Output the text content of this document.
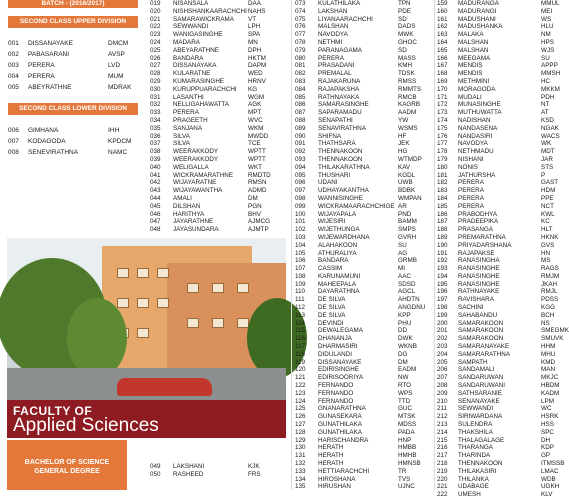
BATCH - (2016/2017)
SECOND CLASS UPPER DIVISION
001	DISSANAYAKE	DMCM
002	PABASARANI	AVSP
003	PERERA	LVD
004	PERERA	MUM
005	ABEYRATHNE	MDRAK
SECOND CLASS LOWER DIVISION
006	GIMHANA	IHH
007	KODAGODA	KPDCM
008	SENEVIRATHNA	NAMC
019	NISANSALA	DAA
020	NISHSHANKAARACHCHI NAHS
021	SAMARAWICKRAMA	VT
022	SEWWANDI	LPH
023	WANIGASINGHE	SPA
024	MADARA	MN
025	ABEYARATHNE	DPH
026	BANDARA	HKTM
027	DISSANAYAKA	DAPM
028	KULARATNE	WED
029	KUMARASINGHE	HRNV
030	KURUPPUARACHCHI	KG
031	LASANTHI	WGM
032	NELLIGAHAWATTA	AGK
033	PERERA	MPT
034	PRAGEETH	WVC
035	SANJANA	WKM
036	SILVA	MWDD
037	SILVA	TCE
038	WEERAKKODY	WPTT
039	WEERAKKODY	WPTT
040	WELIGALLA	WKT
041	WICKRAMARATHNE	RMDTD
042	WIJAYARATNE	RMSN
043	WIJAYAWANTHA	ADMD
044	AMALI	DM
045	DILSHAN	PGN
046	HARITHYA	BHV
047	JAYARATHNE	AJMCG
048	JAYASUNDARA	AJMTP
FACULTY OF
Applied Sciences
BACHELOR OF SCIENCE GENERAL DEGREE
049	LAKSHANI	KJK
050	RASHEED	FRS
073	KULATHILAKA	TPN
074	LAKSHAN	PDE
075	LIYANAARACHCHI	SD
076	MALSHAN	DADS
077	NAVODYA	MWK
078	NETHMI	GHOC
079	PARANAGAMA	SD
080	PERERA	MASS
081	PRASADANI	KMH
082	PREMALAL	TDSK
083	RAJAKARUNA	RMSS
084	RAJAPAKSHA	RMMTS
085	RATHNAYAKA	RMCB
086	SAMARASINGHE	KAGRB
087	SAPARAMADU	AADM
088	SENAPATHI	YW
089	SENAVIRATHNA	WSMS
090	SHIFNA	HF
091	THATHSARA	JEK
092	THENNAKOON	HG
093	THENNAKOON	WTMDP
094	THILAKARATHNA	KAV
095	THUSHARI	KGDL
096	UDANI	UWB
097	UDHAYAKANTHA	BDBK
098	WANNISINGHE	WMPAN
099	WICKRAMAARACHCHIGE AR
100	WIJAYAPALA	PND
101	WIJESIRI	BAMM
102	WIJETHUNGA	SMPS
103	WIJEWARDHANA	GVRH
104	ALAHAKOON	SU
105	ATHURALIYA	AG
106	BANDARA	GRMB
107	CASSIM	MI
108	KARUNAMUNI	AAC
109	MAHEEPALA	SDSD
110	DAYARATHNA	AGCL
111	DE SILVA	AHDTN
112	DE SILVA	ANGDNU
113	DE SILVA	KPP
114	DEVINDI	PHU
115	DEWALEGAMA	DD
116	DHANANJA	DWK
117	DHARMASIRI	WKNB
118	DIDULANDI	DG
119	DISSANAYAKE	DM
120	EDIRISINGHE	EADM
121	EDIRISOORIYA	NW
122	FERNANDO	RTO
123	FERNANDO	WPS
124	FERNANDO	TTD
125	GNANARATHNA	GUC
126	GUNASEKARA	MTSK
127	GUNATHILAKA	MDSS
128	GUNATHILAKA	PADA
129	HARISCHANDRA	HNP
130	HERATH	HMBB
131	HERATH	HMHB
132	HERATH	HMNSB
133	HETTIARACHCHI	TR
134	HIROSHANA	TVS
135	HIRUSHAN	UJNC
159	MADURANGA	MMUL
160	MADURANGI	MEI
161	MADUSHANI	WS
162	MADUSHANKA	HLU
163	MALAKA	NM
164	MALSHAN	HPS
165	MALSHAN	WJS
166	MEEGAMA	SU
167	MENDIS	APPP
168	MENDIS	MMSH
169	METHMINI	HC
170	MORAGODA	MKKM
171	MUDALI	PDH
172	MUNASINGHE	NT
173	MUTHUWATTA	AT
174	NADISHAN	KSD
175	NANDASENA	NGAK
176	NANDASIRI	WACS
177	NAVODYA	WK
178	NETHMADU	MDT
179	NISHANI	JAR
180	NONIS	STS
181	JATHURSHA	P
182	PERERA	GAST
183	PERERA	HDM
184	PERERA	PPE
185	PERERA	NCT
186	PRABODHYA	KWL
187	PRADEEPIKA	KC
188	PRASANGA	HLT
189	PREMARATHNA	HKNK
190	PRIYADARSHANA	GVS
191	RAJAPAKSE	HN
192	RANASINGHA	MS
193	RANASINGHE	RAGS
194	RANASINGHE	RMJM
195	RANASINGHE	JKAH
196	RATHNAYAKE	RMJL
197	RAVISHARA	PDSS
198	SACHINI	KGG
199	SAHABANDU	BCH
200	SAMARAKOON	NS
201	SAMARAKOON	SMEGMK
202	SAMARAKOON	SMUVK
203	SAMARANAYAKE	HHM
204	SAMARARATHNA	MHU
205	SAMPATH	KMD
206	SANDAMALI	MAN
207	SANDARUWAN	MKJC
208	SANDARUWANI	HBDM
209	SATHSARANIE	KADM
210	SENANAYAKE	LPM
211	SEWWANDI	WC
212	SIRIWARDANA	HSRK
213	SULENDRA	HSS
214	THAKSHILA	SPC
215	THALAGALAGE	DH
216	THARANGA	KDP
217	THARINDA	GP
218	THENNAKOON	ITMSSB
219	THILAKASIRI	LMAC
220	THILANKA	WDB
221	UDABAGE	UGKH
222	UMESH	KLV
